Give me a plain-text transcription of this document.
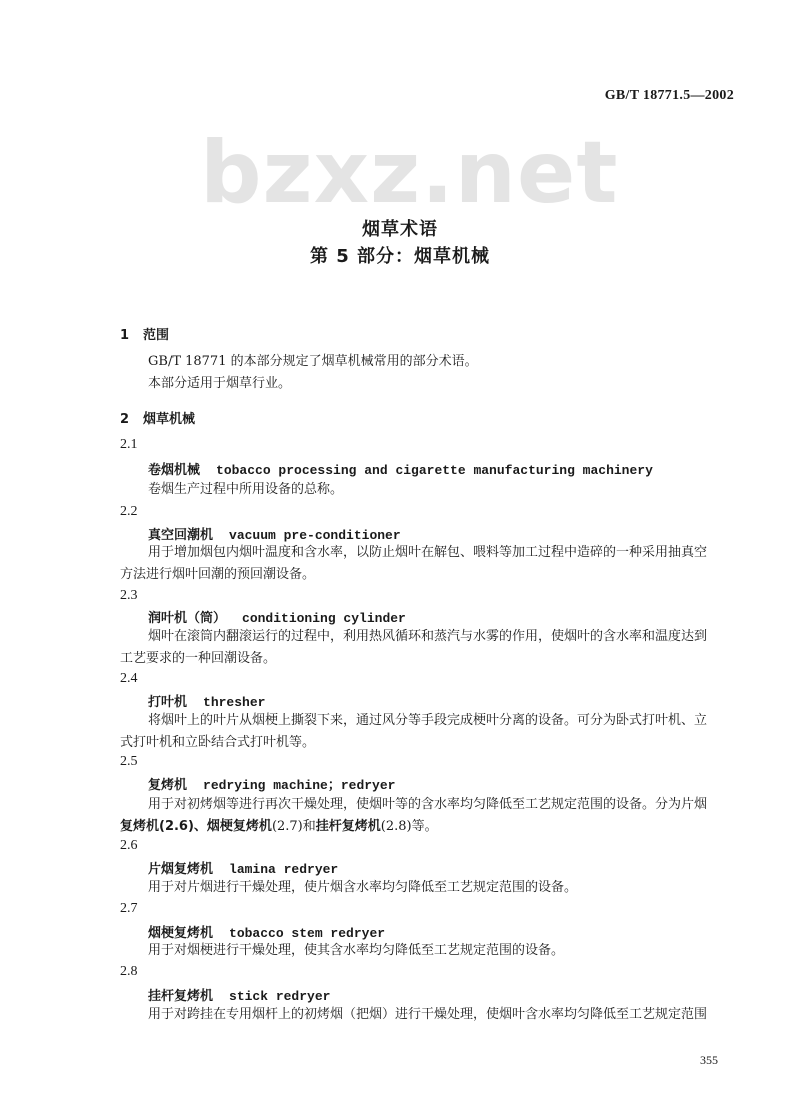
GB/T 18771.5—2002
bzxz.net
烟草术语
第 5 部分：烟草机械
1 范围
GB/T 18771 的本部分规定了烟草机械常用的部分术语。
本部分适用于烟草行业。
2 烟草机械
2.1
卷烟机械 tobacco processing and cigarette manufacturing machinery
卷烟生产过程中所用设备的总称。
2.2
真空回潮机 vacuum pre-conditioner
用于增加烟包内烟叶温度和含水率，以防止烟叶在解包、喂料等加工过程中造碎的一种采用抽真空
方法进行烟叶回潮的预回潮设备。
2.3
润叶机（筒） conditioning cylinder
烟叶在滚筒内翻滚运行的过程中，利用热风循环和蒸汽与水雾的作用，使烟叶的含水率和温度达到
工艺要求的一种回潮设备。
2.4
打叶机 thresher
将烟叶上的叶片从烟梗上撕裂下来，通过风分等手段完成梗叶分离的设备。可分为卧式打叶机、立
式打叶机和立卧结合式打叶机等。
2.5
复烤机 redrying machine；redryer
用于对初烤烟等进行再次干燥处理，使烟叶等的含水率均匀降低至工艺规定范围的设备。分为片烟
复烤机(2.6)、烟梗复烤机(2.7)和挂杆复烤机(2.8)等。
2.6
片烟复烤机 lamina redryer
用于对片烟进行干燥处理，使片烟含水率均匀降低至工艺规定范围的设备。
2.7
烟梗复烤机 tobacco stem redryer
用于对烟梗进行干燥处理，使其含水率均匀降低至工艺规定范围的设备。
2.8
挂杆复烤机 stick redryer
用于对跨挂在专用烟杆上的初烤烟（把烟）进行干燥处理，使烟叶含水率均匀降低至工艺规定范围
355
